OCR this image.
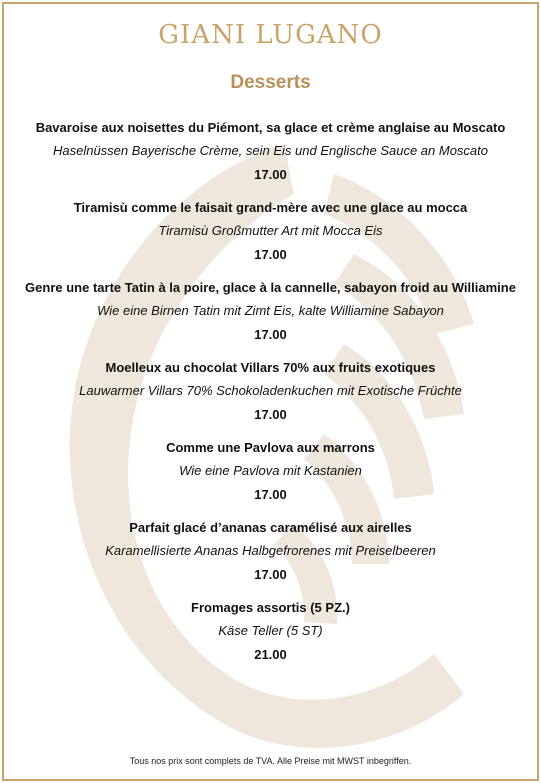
GIANI LUGANO
Desserts
Bavaroise aux noisettes du Piémont, sa glace et crème anglaise au Moscato
Haselnüssen Bayerische Crème, sein Eis und Englische Sauce an Moscato
17.00
Tiramisù comme le faisait grand-mère avec une glace au mocca
Tiramisù Großmutter Art mit Mocca Eis
17.00
Genre une tarte Tatin à la poire, glace à la cannelle, sabayon froid au Williamine
Wie eine Birnen Tatin mit Zimt Eis, kalte Williamine Sabayon
17.00
Moelleux au chocolat Villars 70% aux fruits exotiques
Lauwarmer Villars 70% Schokoladenkuchen mit Exotische Früchte
17.00
Comme une Pavlova aux marrons
Wie eine Pavlova mit Kastanien
17.00
Parfait glacé d’ananas caramélisé aux airelles
Karamellisierte Ananas Halbgefrorenes mit Preiselbeeren
17.00
Fromages assortis (5 PZ.)
Käse Teller (5 ST)
21.00
Tous nos prix sont complets de TVA. Alle Preise mit MWST inbegriffen.
